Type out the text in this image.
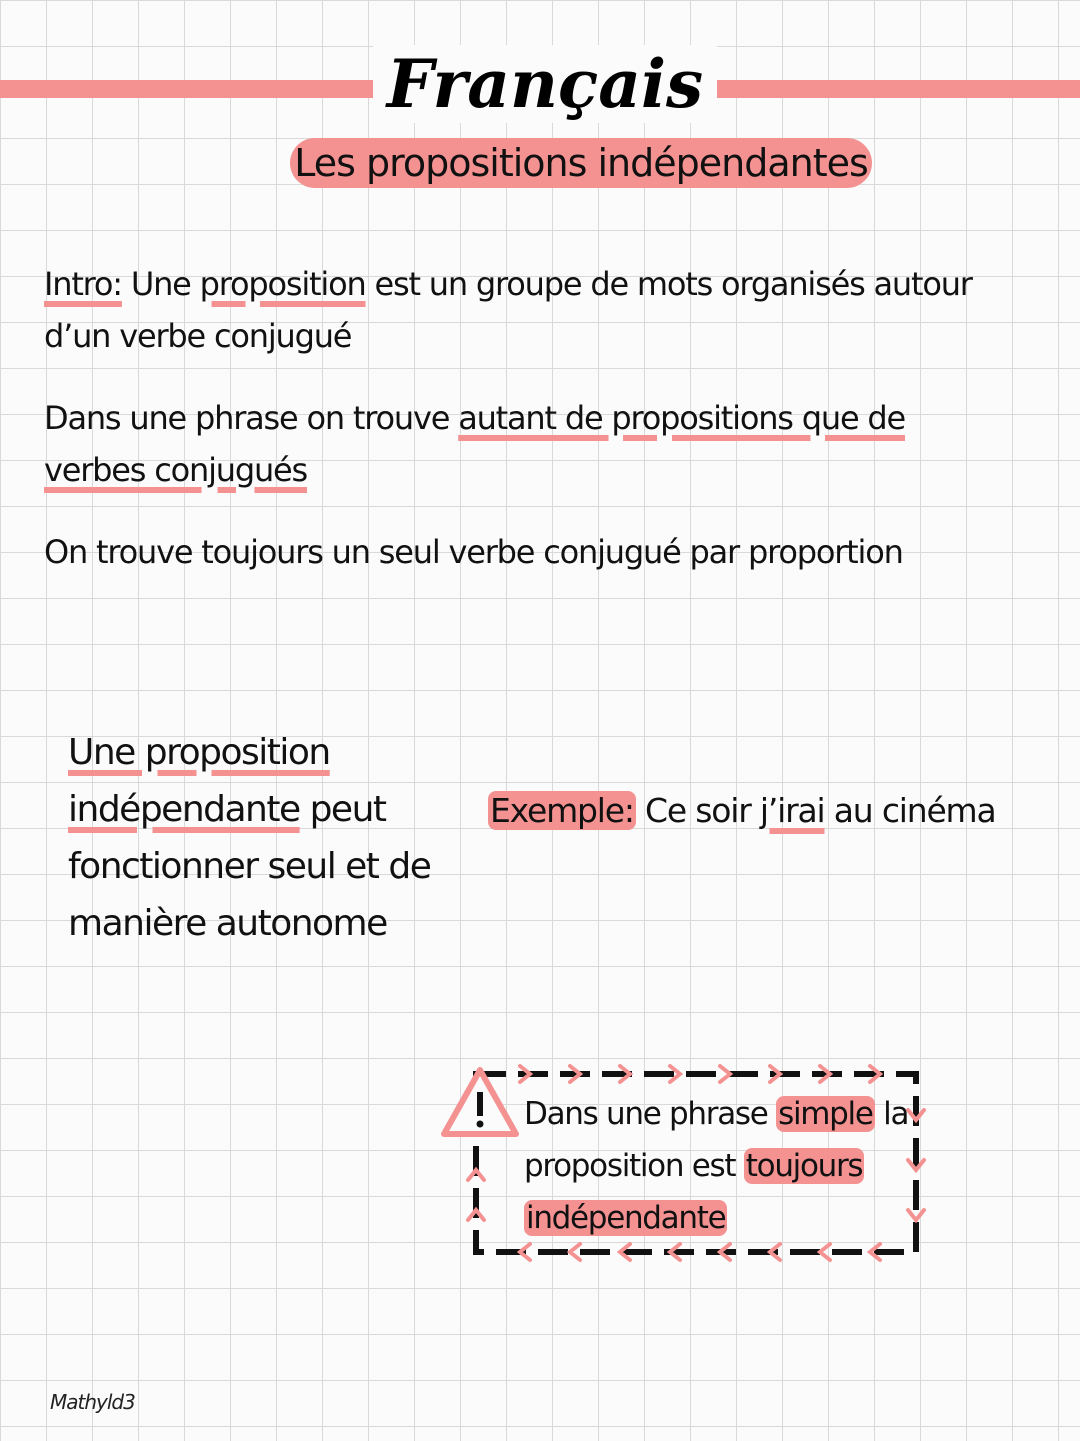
Français
Les propositions indépendantes
Intro: Une proposition est un groupe de mots organisés autour d’un verbe conjugué
Dans une phrase on trouve autant de propositions que de verbes conjugués
On trouve toujours un seul verbe conjugué par proportion
Une proposition indépendante peut fonctionner seul et de manière autonome
Exemple: Ce soir j’irai au cinéma
Dans une phrase simple la proposition est toujours indépendante
Mathyld3
